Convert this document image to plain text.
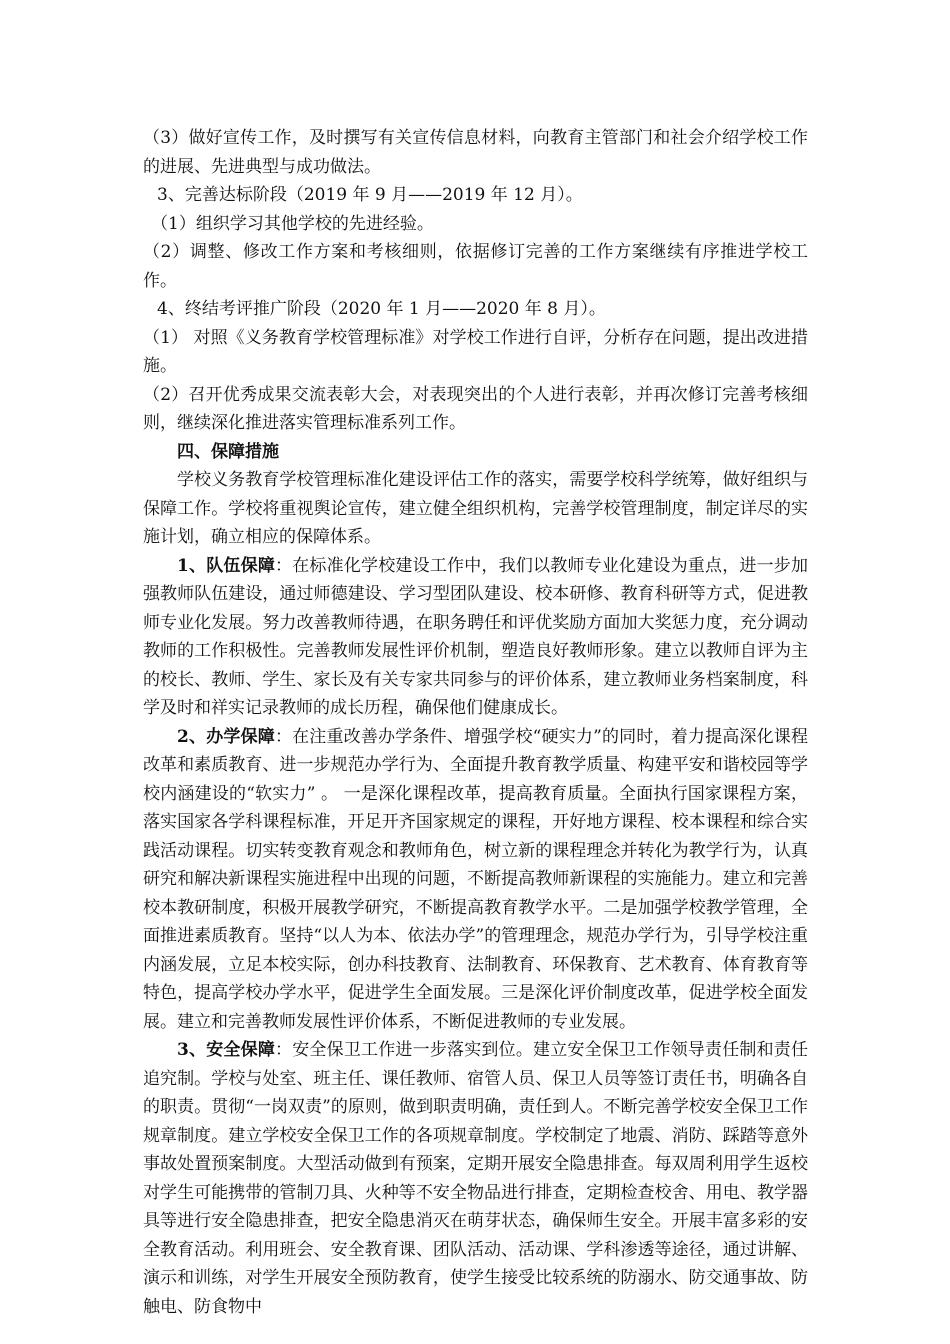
（3）做好宣传工作，及时撰写有关宣传信息材料，向教育主管部门和社会介绍学校工作的进展、先进典型与成功做法。

3、完善达标阶段（2019 年 9 月——2019 年 12 月）。

（1）组织学习其他学校的先进经验。

（2）调整、修改工作方案和考核细则，依据修订完善的工作方案继续有序推进学校工作。

4、终结考评推广阶段（2020 年 1 月——2020 年 8 月）。

（1） 对照《义务教育学校管理标准》对学校工作进行自评，分析存在问题，提出改进措施。

（2）召开优秀成果交流表彰大会，对表现突出的个人进行表彰，并再次修订完善考核细则，继续深化推进落实管理标准系列工作。

四、保障措施

学校义务教育学校管理标准化建设评估工作的落实，需要学校科学统筹，做好组织与保障工作。学校将重视舆论宣传，建立健全组织机构，完善学校管理制度，制定详尽的实施计划，确立相应的保障体系。

1、队伍保障：在标准化学校建设工作中，我们以教师专业化建设为重点，进一步加强教师队伍建设，通过师德建设、学习型团队建设、校本研修、教育科研等方式，促进教师专业化发展。努力改善教师待遇，在职务聘任和评优奖励方面加大奖惩力度，充分调动教师的工作积极性。完善教师发展性评价机制，塑造良好教师形象。建立以教师自评为主的校长、教师、学生、家长及有关专家共同参与的评价体系，建立教师业务档案制度，科学及时和祥实记录教师的成长历程，确保他们健康成长。

2、办学保障：在注重改善办学条件、增强学校“硬实力”的同时，着力提高深化课程改革和素质教育、进一步规范办学行为、全面提升教育教学质量、构建平安和谐校园等学校内涵建设的“软实力” 。 一是深化课程改革，提高教育质量。全面执行国家课程方案，落实国家各学科课程标准，开足开齐国家规定的课程，开好地方课程、校本课程和综合实践活动课程。切实转变教育观念和教师角色，树立新的课程理念并转化为教学行为，认真研究和解决新课程实施进程中出现的问题，不断提高教师新课程的实施能力。建立和完善校本教研制度，积极开展教学研究，不断提高教育教学水平。二是加强学校教学管理，全面推进素质教育。坚持“以人为本、依法办学”的管理理念，规范办学行为，引导学校注重内涵发展，立足本校实际，创办科技教育、法制教育、环保教育、艺术教育、体育教育等特色，提高学校办学水平，促进学生全面发展。三是深化评价制度改革，促进学校全面发展。建立和完善教师发展性评价体系，不断促进教师的专业发展。

3、安全保障：安全保卫工作进一步落实到位。建立安全保卫工作领导责任制和责任追究制。学校与处室、班主任、课任教师、宿管人员、保卫人员等签订责任书，明确各自的职责。贯彻“一岗双责”的原则，做到职责明确，责任到人。不断完善学校安全保卫工作规章制度。建立学校安全保卫工作的各项规章制度。学校制定了地震、消防、踩踏等意外事故处置预案制度。大型活动做到有预案，定期开展安全隐患排查。每双周利用学生返校对学生可能携带的管制刀具、火种等不安全物品进行排查，定期检查校舍、用电、教学器具等进行安全隐患排查，把安全隐患消灭在萌芽状态，确保师生安全。开展丰富多彩的安全教育活动。利用班会、安全教育课、团队活动、活动课、学科渗透等途径，通过讲解、演示和训练，对学生开展安全预防教育，使学生接受比较系统的防溺水、防交通事故、防触电、防食物中
